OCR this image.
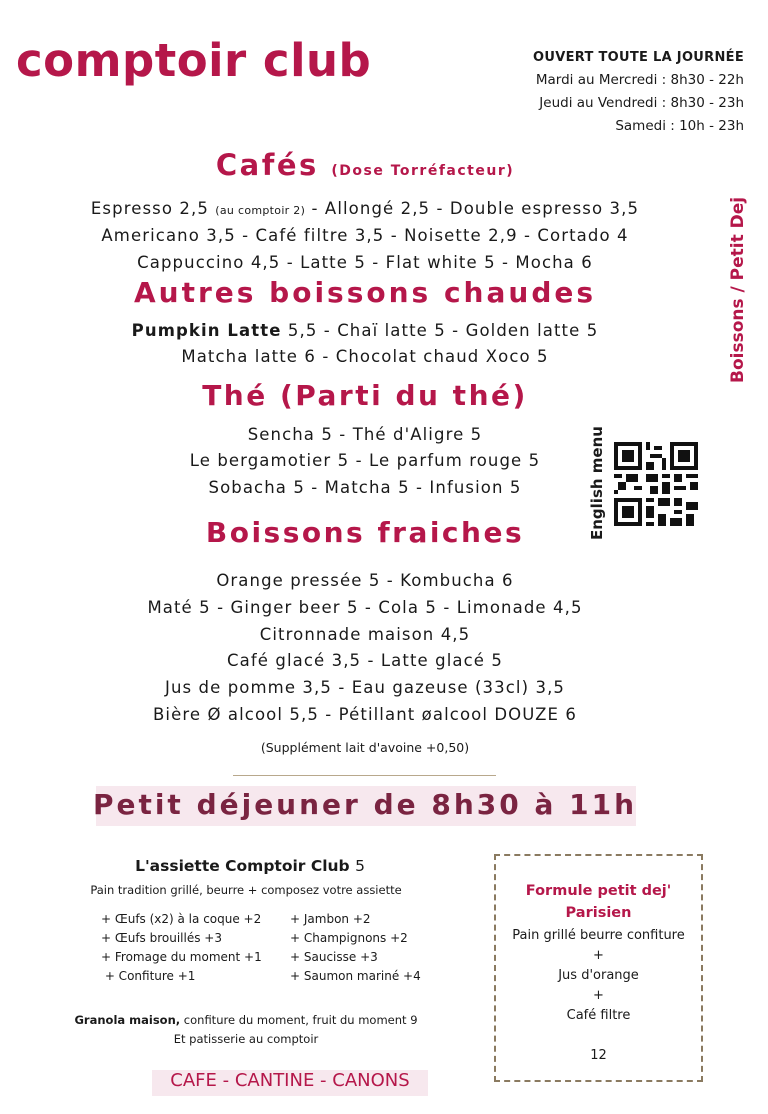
comptoir club	OUVERT TOUTE LA JOURNÉE
Mardi au Mercredi : 8h30 - 22h
Jeudi au Vendredi : 8h30 - 23h
Samedi : 10h - 23h
Boissons / Petit Dej
Cafés (Dose Torréfacteur)
Espresso 2,5 (au comptoir 2) - Allongé 2,5 - Double espresso 3,5
Americano 3,5 - Café filtre 3,5 - Noisette 2,9 - Cortado 4
Cappuccino 4,5 - Latte 5 - Flat white 5 - Mocha 6
Autres boissons chaudes
Pumpkin Latte 5,5 - Chaï latte 5 - Golden latte 5
Matcha latte 6 - Chocolat chaud Xoco 5
Thé (Parti du thé)
Sencha 5 - Thé d'Aligre 5
Le bergamotier 5 - Le parfum rouge 5
Sobacha 5 - Matcha 5 - Infusion 5	English menu
Boissons fraiches
Orange pressée 5 - Kombucha 6
Maté 5 - Ginger beer 5 - Cola 5 - Limonade 4,5
Citronnade maison 4,5
Café glacé 3,5 - Latte glacé 5
Jus de pomme 3,5 - Eau gazeuse (33cl) 3,5
Bière Ø alcool 5,5 - Pétillant øalcool DOUZE 6
(Supplément lait d'avoine +0,50)
Petit déjeuner de 8h30 à 11h
L'assiette Comptoir Club 5
Pain tradition grillé, beurre + composez votre assiette
+ Œufs (x2) à la coque +2
+ Œufs brouillés +3
+ Fromage du moment +1
+ Confiture +1
+ Jambon +2
+ Champignons +2
+ Saucisse +3
+ Saumon mariné +4
Granola maison, confiture du moment, fruit du moment 9
Et patisserie au comptoir
Formule petit dej'
Parisien
Pain grillé beurre confiture
+
Jus d'orange
+
Café filtre
12
CAFE - CANTINE - CANONS
